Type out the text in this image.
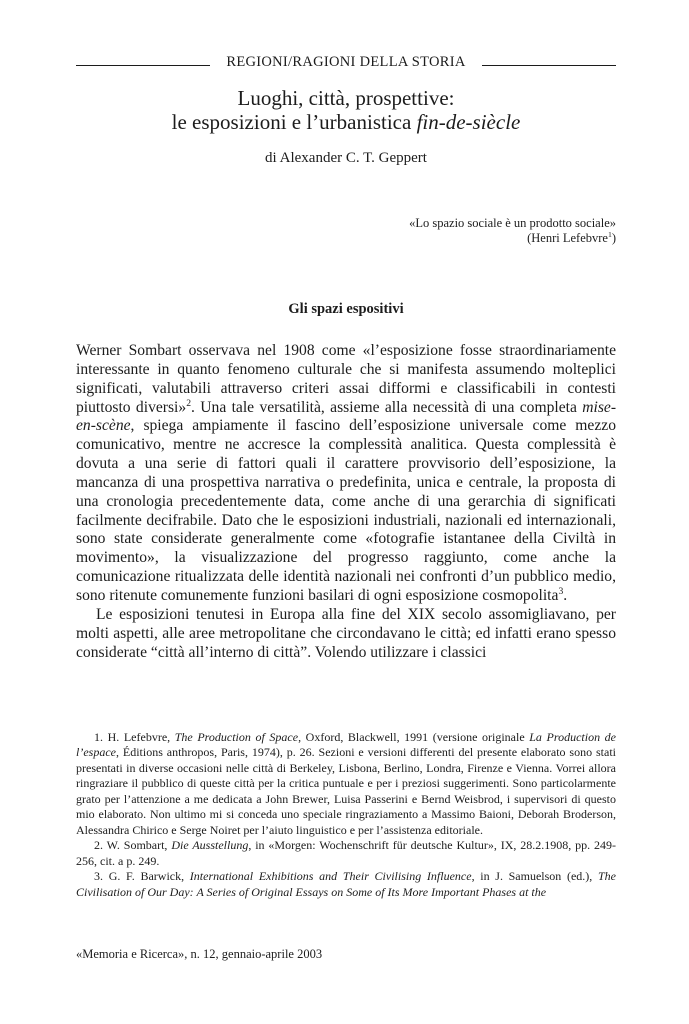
REGIONI/RAGIONI DELLA STORIA
Luoghi, città, prospettive:
le esposizioni e l’urbanistica fin-de-siècle
di Alexander C. T. Geppert
«Lo spazio sociale è un prodotto sociale»
(Henri Lefebvre$^1$)
Gli spazi espositivi

Werner Sombart osservava nel 1908 come «l’esposizione fosse straordinariamente interessante in quanto fenomeno culturale che si manifesta assumendo molteplici significati, valutabili attraverso criteri assai difformi e classificabili in contesti piuttosto diversi»$^2$. Una tale versatilità, assieme alla necessità di una completa mise-en-scène, spiega ampiamente il fascino dell’esposizione universale come mezzo comunicativo, mentre ne accresce la complessità analitica. Questa complessità è dovuta a una serie di fattori quali il carattere provvisorio dell’esposizione, la mancanza di una prospettiva narrativa o predefinita, unica e centrale, la proposta di una cronologia precedentemente data, come anche di una gerarchia di significati facilmente decifrabile. Dato che le esposizioni industriali, nazionali ed internazionali, sono state considerate generalmente come «fotografie istantanee della Civiltà in movimento», la visualizzazione del progresso raggiunto, come anche la comunicazione ritualizzata delle identità nazionali nei confronti d’un pubblico medio, sono ritenute comunemente funzioni basilari di ogni esposizione cosmopolita$^3$.

Le esposizioni tenutesi in Europa alla fine del XIX secolo assomigliavano, per molti aspetti, alle aree metropolitane che circondavano le città; ed infatti erano spesso considerate “città all’interno di città”. Volendo utilizzare i classici

1. H. Lefebvre, The Production of Space, Oxford, Blackwell, 1991 (versione originale La Production de l’espace, Éditions anthropos, Paris, 1974), p. 26. Sezioni e versioni differenti del presente elaborato sono stati presentati in diverse occasioni nelle città di Berkeley, Lisbona, Berlino, Londra, Firenze e Vienna. Vorrei allora ringraziare il pubblico di queste città per la critica puntuale e per i preziosi suggerimenti. Sono particolarmente grato per l’attenzione a me dedicata a John Brewer, Luisa Passerini e Bernd Weisbrod, i supervisori di questo mio elaborato. Non ultimo mi si conceda uno speciale ringraziamento a Massimo Baioni, Deborah Broderson, Alessandra Chirico e Serge Noiret per l’aiuto linguistico e per l’assistenza editoriale.

2. W. Sombart, Die Ausstellung, in «Morgen: Wochenschrift für deutsche Kultur», IX, 28.2.1908, pp. 249-256, cit. a p. 249.

3. G. F. Barwick, International Exhibitions and Their Civilising Influence, in J. Samuelson (ed.), The Civilisation of Our Day: A Series of Original Essays on Some of Its More Important Phases at the

«Memoria e Ricerca», n. 12, gennaio-aprile 2003
